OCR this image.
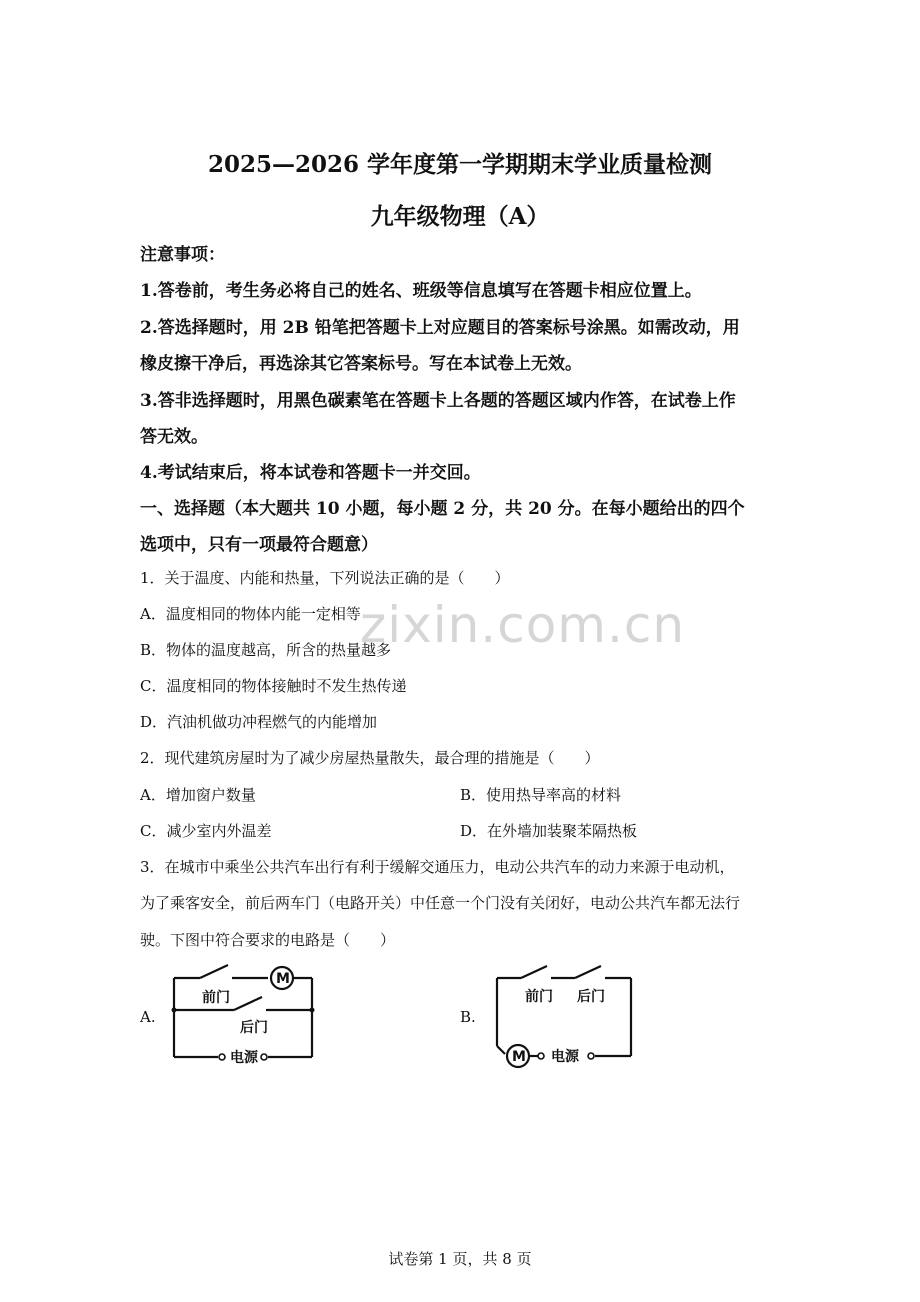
2025—2026 学年度第一学期期末学业质量检测
九年级物理（A）
注意事项：
1.答卷前，考生务必将自己的姓名、班级等信息填写在答题卡相应位置上。
2.答选择题时，用 2B 铅笔把答题卡上对应题目的答案标号涂黑。如需改动，用
橡皮擦干净后，再选涂其它答案标号。写在本试卷上无效。
3.答非选择题时，用黑色碳素笔在答题卡上各题的答题区域内作答，在试卷上作
答无效。
4.考试结束后，将本试卷和答题卡一并交回。
一、选择题（本大题共 10 小题，每小题 2 分，共 20 分。在每小题给出的四个
选项中，只有一项最符合题意）
1．关于温度、内能和热量，下列说法正确的是（　　）
A．温度相同的物体内能一定相等
B．物体的温度越高，所含的热量越多
C．温度相同的物体接触时不发生热传递
D．汽油机做功冲程燃气的内能增加
2．现代建筑房屋时为了减少房屋热量散失，最合理的措施是（　　）
A．增加窗户数量	B．使用热导率高的材料
C．减少室内外温差	D．在外墙加装聚苯隔热板
3．在城市中乘坐公共汽车出行有利于缓解交通压力，电动公共汽车的动力来源于电动机，
为了乘客安全，前后两车门（电路开关）中任意一个门没有关闭好，电动公共汽车都无法行
驶。下图中符合要求的电路是（　　）
A.	B.
M
前门
后门
电源	M
前门 后门
电源
zixin.com.cn
试卷第 1 页，共 8 页
